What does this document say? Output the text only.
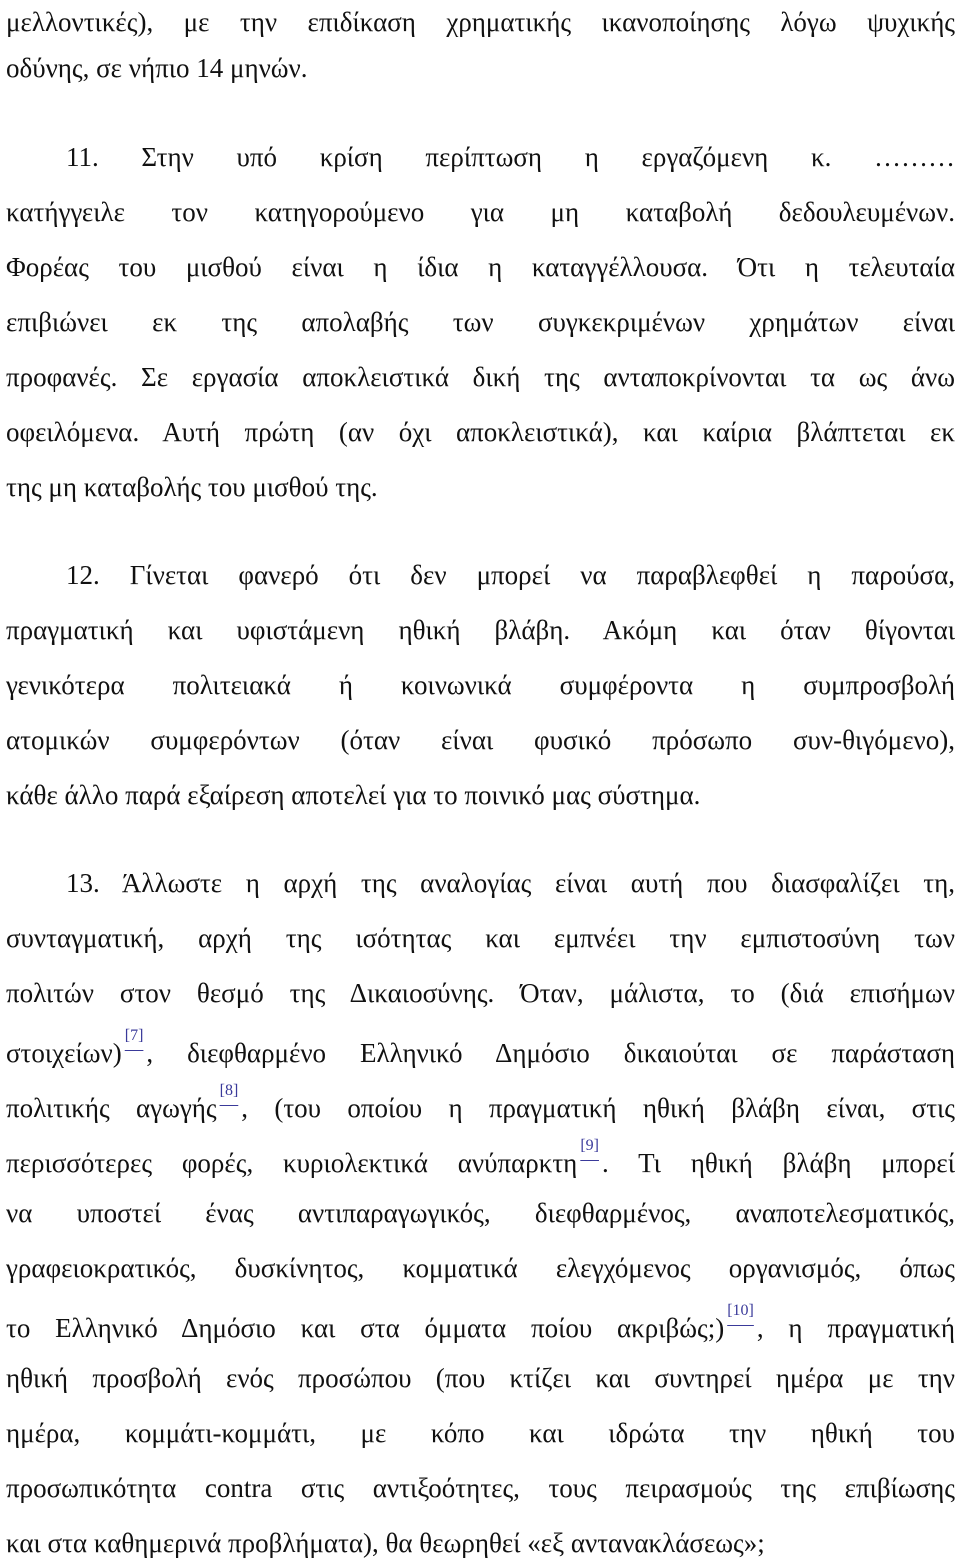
μελλοντικές), με την επιδίκαση χρηματικής ικανοποίησης λόγω ψυχικής
οδύνης, σε νήπιο 14 μηνών.
11. Στην υπό κρίση περίπτωση η εργαζόμενη κ. ………
κατήγγειλε τον κατηγορούμενο για μη καταβολή δεδουλευμένων.
Φορέας του μισθού είναι η ίδια η καταγγέλλουσα. Ότι η τελευταία
επιβιώνει εκ της απολαβής των συγκεκριμένων χρημάτων είναι
προφανές. Σε εργασία αποκλειστικά δική της ανταποκρίνονται τα ως άνω
οφειλόμενα. Αυτή πρώτη (αν όχι αποκλειστικά), και καίρια βλάπτεται εκ
της μη καταβολής του μισθού της.
12. Γίνεται φανερό ότι δεν μπορεί να παραβλεφθεί η παρούσα,
πραγματική και υφιστάμενη ηθική βλάβη. Ακόμη και όταν θίγονται
γενικότερα πολιτειακά ή κοινωνικά συμφέροντα η συμπροσβολή
ατομικών συμφερόντων (όταν είναι φυσικό πρόσωπο συν-θιγόμενο),
κάθε άλλο παρά εξαίρεση αποτελεί για το ποινικό μας σύστημα.
13. Άλλωστε η αρχή της αναλογίας είναι αυτή που διασφαλίζει τη,
συνταγματική, αρχή της ισότητας και εμπνέει την εμπιστοσύνη των
πολιτών στον θεσμό της Δικαιοσύνης. Όταν, μάλιστα, το (διά επισήμων
στοιχείων)[7], διεφθαρμένο Ελληνικό Δημόσιο δικαιούται σε παράσταση
πολιτικής αγωγής[8], (του οποίου η πραγματική ηθική βλάβη είναι, στις
περισσότερες φορές, κυριολεκτικά ανύπαρκτη[9]. Τι ηθική βλάβη μπορεί
να υποστεί ένας αντιπαραγωγικός, διεφθαρμένος, αναποτελεσματικός,
γραφειοκρατικός, δυσκίνητος, κομματικά ελεγχόμενος οργανισμός, όπως
το Ελληνικό Δημόσιο και στα όμματα ποίου ακριβώς;)[10], η πραγματική
ηθική προσβολή ενός προσώπου (που κτίζει και συντηρεί ημέρα με την
ημέρα, κομμάτι-κομμάτι, με κόπο και ιδρώτα την ηθική του
προσωπικότητα contra στις αντιξοότητες, τους πειρασμούς της επιβίωσης
και στα καθημερινά προβλήματα), θα θεωρηθεί «εξ αντανακλάσεως»;
